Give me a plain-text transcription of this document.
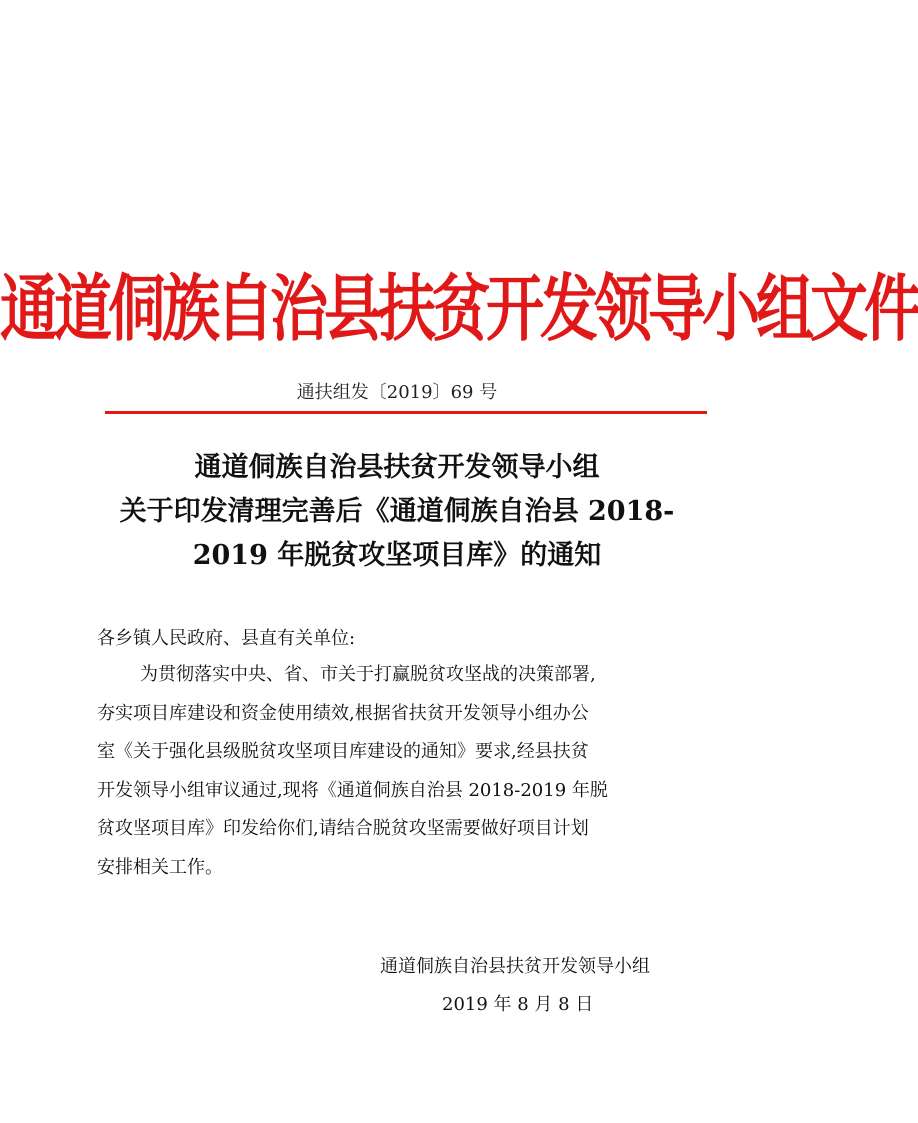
通道侗族自治县扶贫开发领导小组文件
通扶组发〔2019〕69 号
通道侗族自治县扶贫开发领导小组
关于印发清理完善后《通道侗族自治县 2018-
2019 年脱贫攻坚项目库》的通知
各乡镇人民政府、县直有关单位:
为贯彻落实中央、省、市关于打赢脱贫攻坚战的决策部署,
夯实项目库建设和资金使用绩效,根据省扶贫开发领导小组办公
室《关于强化县级脱贫攻坚项目库建设的通知》要求,经县扶贫
开发领导小组审议通过,现将《通道侗族自治县 2018-2019 年脱
贫攻坚项目库》印发给你们,请结合脱贫攻坚需要做好项目计划
安排相关工作。
通道侗族自治县扶贫开发领导小组
2019 年 8 月 8 日
